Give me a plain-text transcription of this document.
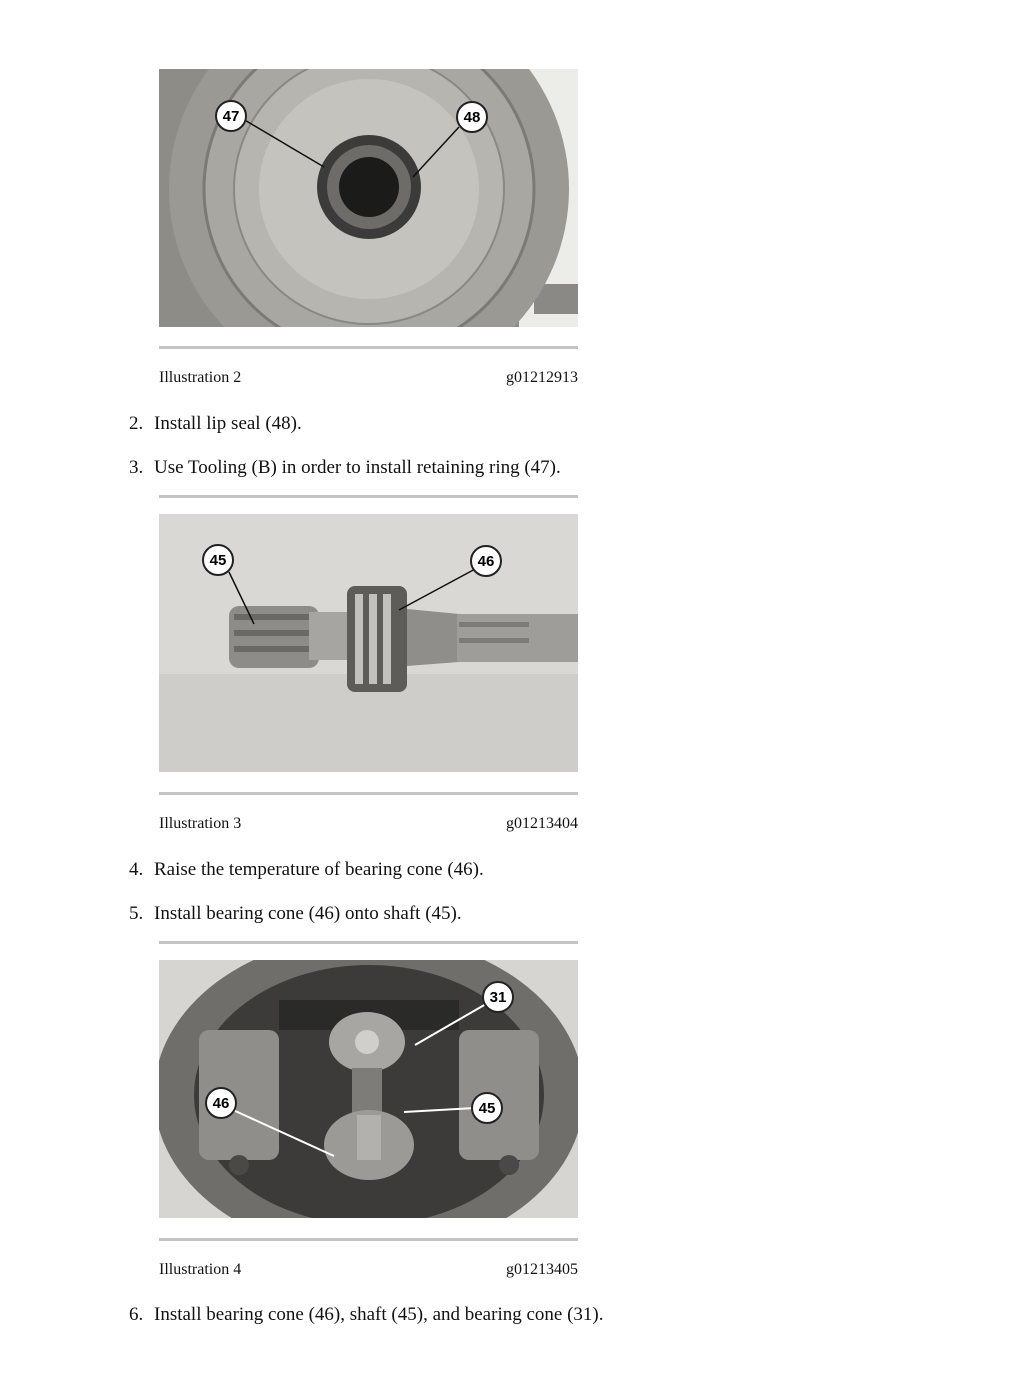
47	48
Illustration 2	g01212913
2. Install lip seal (48).
3. Use Tooling (B) in order to install retaining ring (47).
45	46
Illustration 3	g01213404
4. Raise the temperature of bearing cone (46).
5. Install bearing cone (46) onto shaft (45).
31
46	45
Illustration 4	g01213405
6. Install bearing cone (46), shaft (45), and bearing cone (31).
